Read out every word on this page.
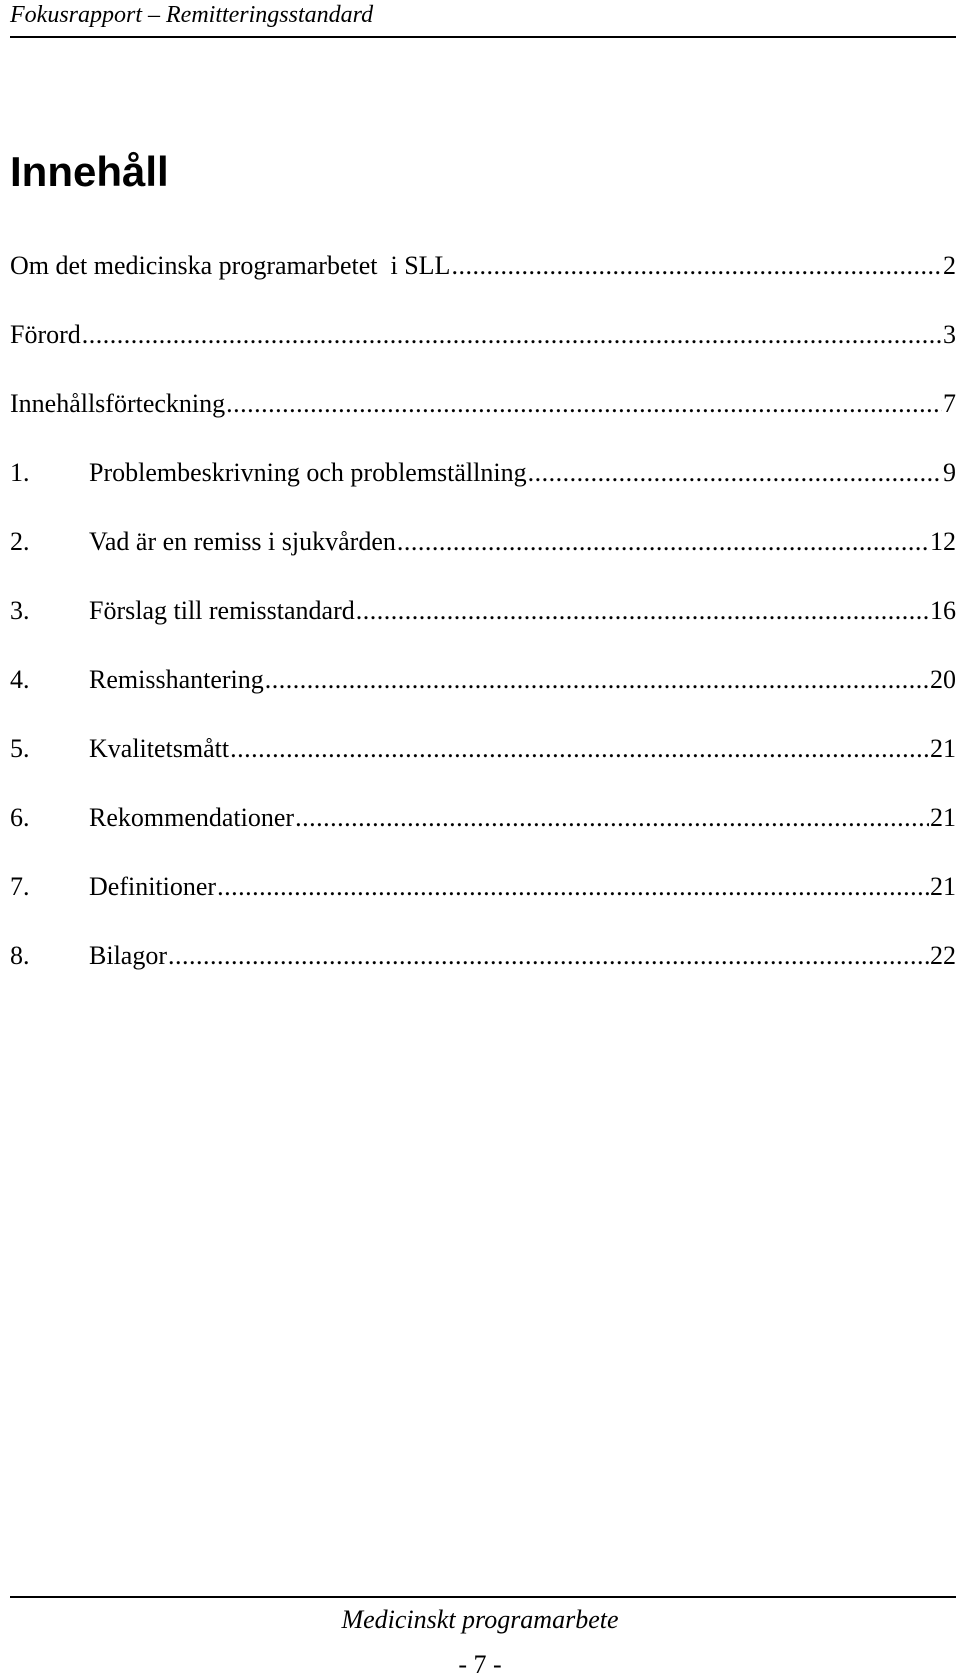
Fokusrapport – Remitteringsstandard
Innehåll
Om det medicinska programarbetet  i SLL .....	2
Förord .....	3
Innehållsförteckning .....	7
1.	Problembeskrivning och problemställning .....	9
2.	Vad är en remiss i sjukvården .....	12
3.	Förslag till remisstandard .....	16
4.	Remisshantering .....	20
5.	Kvalitetsmått .....	21
6.	Rekommendationer .....	21
7.	Definitioner .....	21
8.	Bilagor .....	22
Medicinskt programarbete
- 7 -
